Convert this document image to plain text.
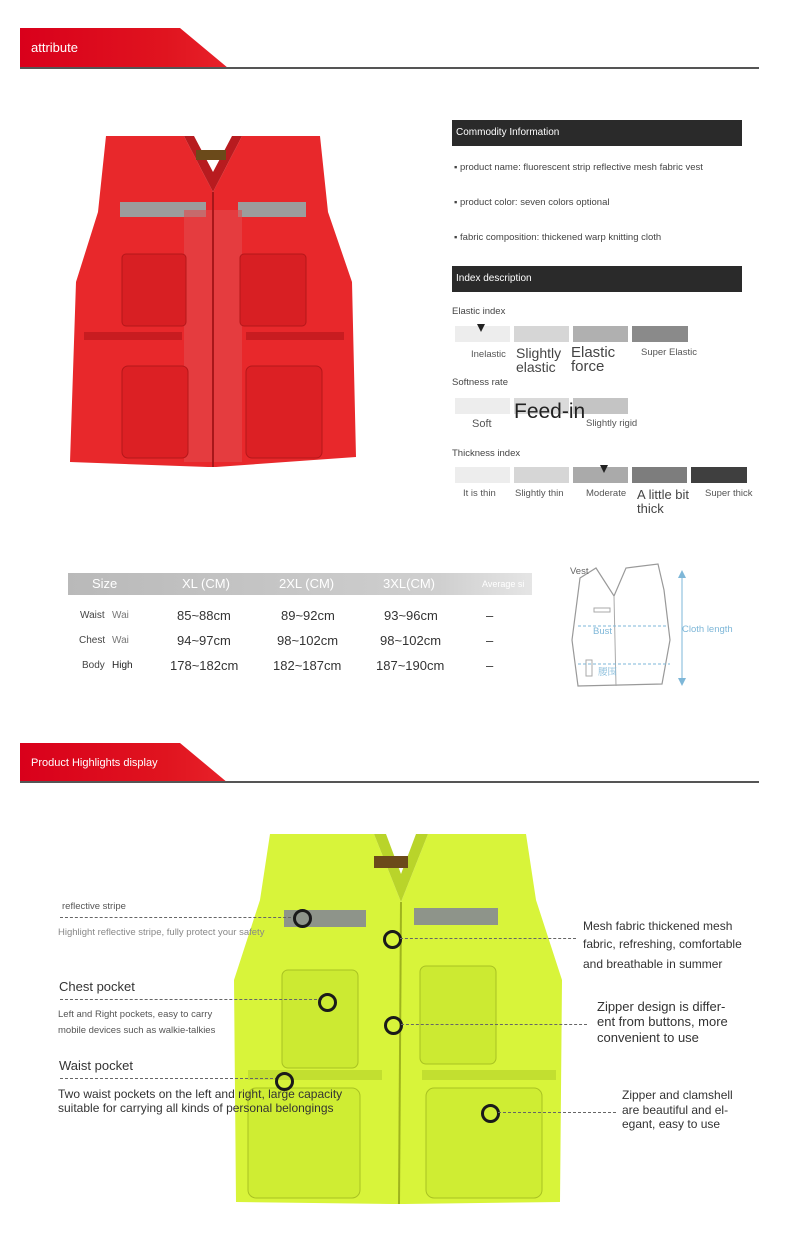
attribute
Commodity Information
▪ product name: fluorescent strip reflective mesh fabric vest
▪ product color: seven colors optional
▪ fabric composition: thickened warp knitting cloth
Index description
Elastic index
Inelastic Slightly elastic
Elastic force
Super Elastic
Softness rate
Soft
Feed-in
Slightly rigid
Thickness index
It is thin Slightly thin Moderate A little bit thick
Super thick
Size	XL (CM)	2XL (CM)	3XL(CM)	Average si
Waist Wai	85~88cm	89~92cm	93~96cm	–
Chest Wai	94~97cm	98~102cm	98~102cm	–
Body High	178~182cm	182~187cm	187~190cm	–
Vest
Bust
腰围
Cloth length
Product Highlights display
reflective stripe
Highlight reflective stripe, fully protect your safety
Chest pocket
Left and Right pockets, easy to carry
mobile devices such as walkie-talkies
Waist pocket
Two waist pockets on the left and right, large capacity
suitable for carrying all kinds of personal belongings
Mesh fabric thickened mesh
fabric, refreshing, comfortable
and breathable in summer
Zipper design is differ-
ent from buttons, more
convenient to use
Zipper and clamshell
are beautiful and el-
egant, easy to use
